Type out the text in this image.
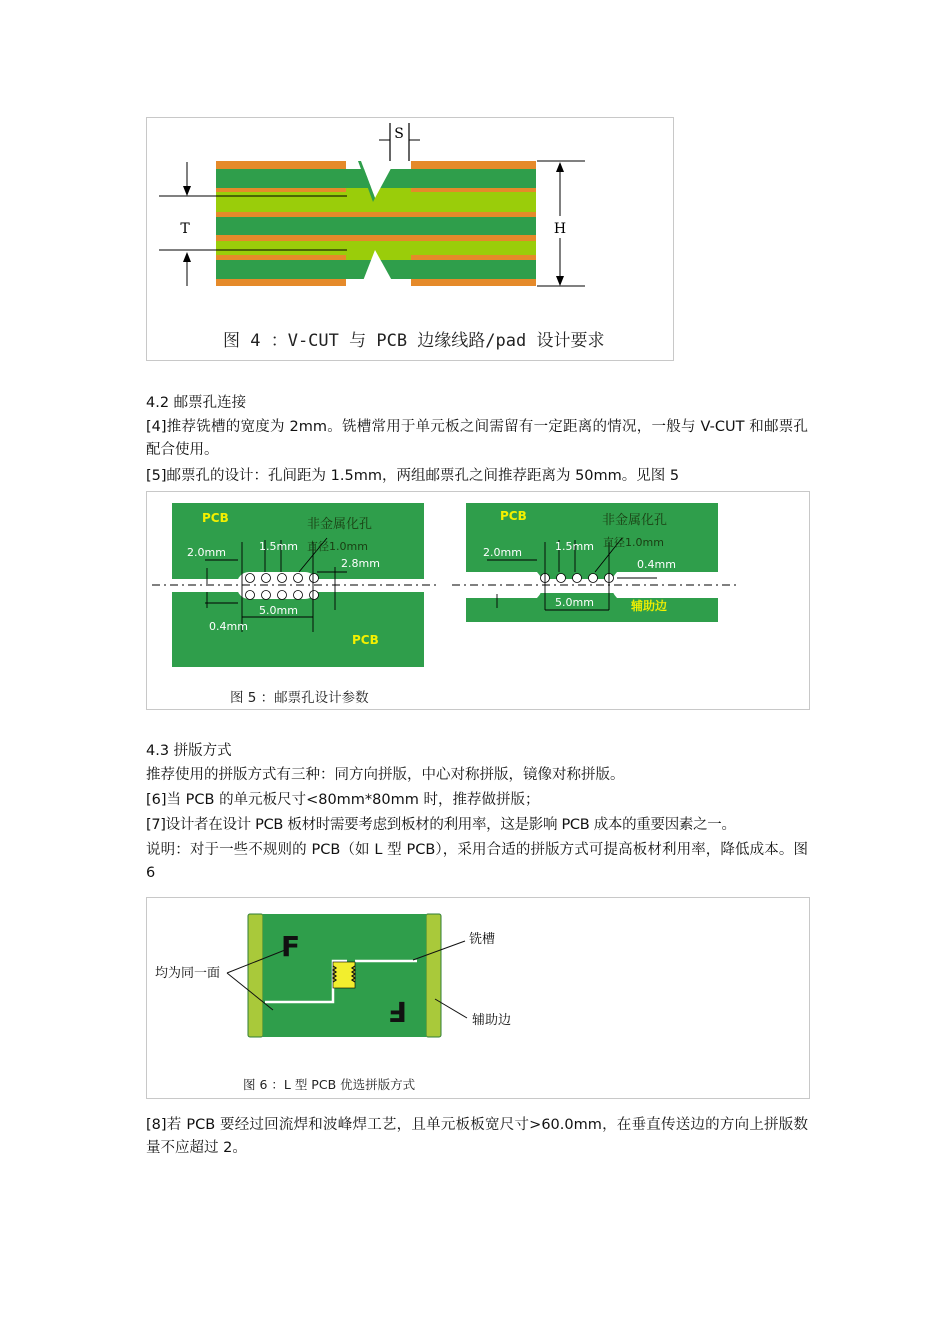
S
T	H
图 4 ：V-CUT 与 PCB 边缘线路/pad 设计要求

4.2 邮票孔连接

[4]推荐铣槽的宽度为 2mm。铣槽常用于单元板之间需留有一定距离的情况，一般与 V-CUT 和邮票孔配合使用。

[5]邮票孔的设计：孔间距为 1.5mm，两组邮票孔之间推荐距离为 50mm。见图 5

PCB
PCB
非金属化孔
2.0mm	1.5mm 直径1.0mm
2.8mm
0.4mm
5.0mm
PCB	非金属化孔
2.0mm	1.5mm 直径1.0mm
0.4mm
5.0mm	辅助边
图 5 ：邮票孔设计参数

4.3 拼版方式

推荐使用的拼版方式有三种：同方向拼版，中心对称拼版，镜像对称拼版。

[6]当 PCB 的单元板尺寸<80mm*80mm 时，推荐做拼版；

[7]设计者在设计 PCB 板材时需要考虑到板材的利用率，这是影响 PCB 成本的重要因素之一。

说明：对于一些不规则的 PCB（如 L 型 PCB），采用合适的拼版方式可提高板材利用率，降低成本。图 6

F
F
均为同一面
铣槽
辅助边
图 6 ：L 型 PCB 优选拼版方式

[8]若 PCB 要经过回流焊和波峰焊工艺，且单元板板宽尺寸>60.0mm，在垂直传送边的方向上拼版数量不应超过 2。
